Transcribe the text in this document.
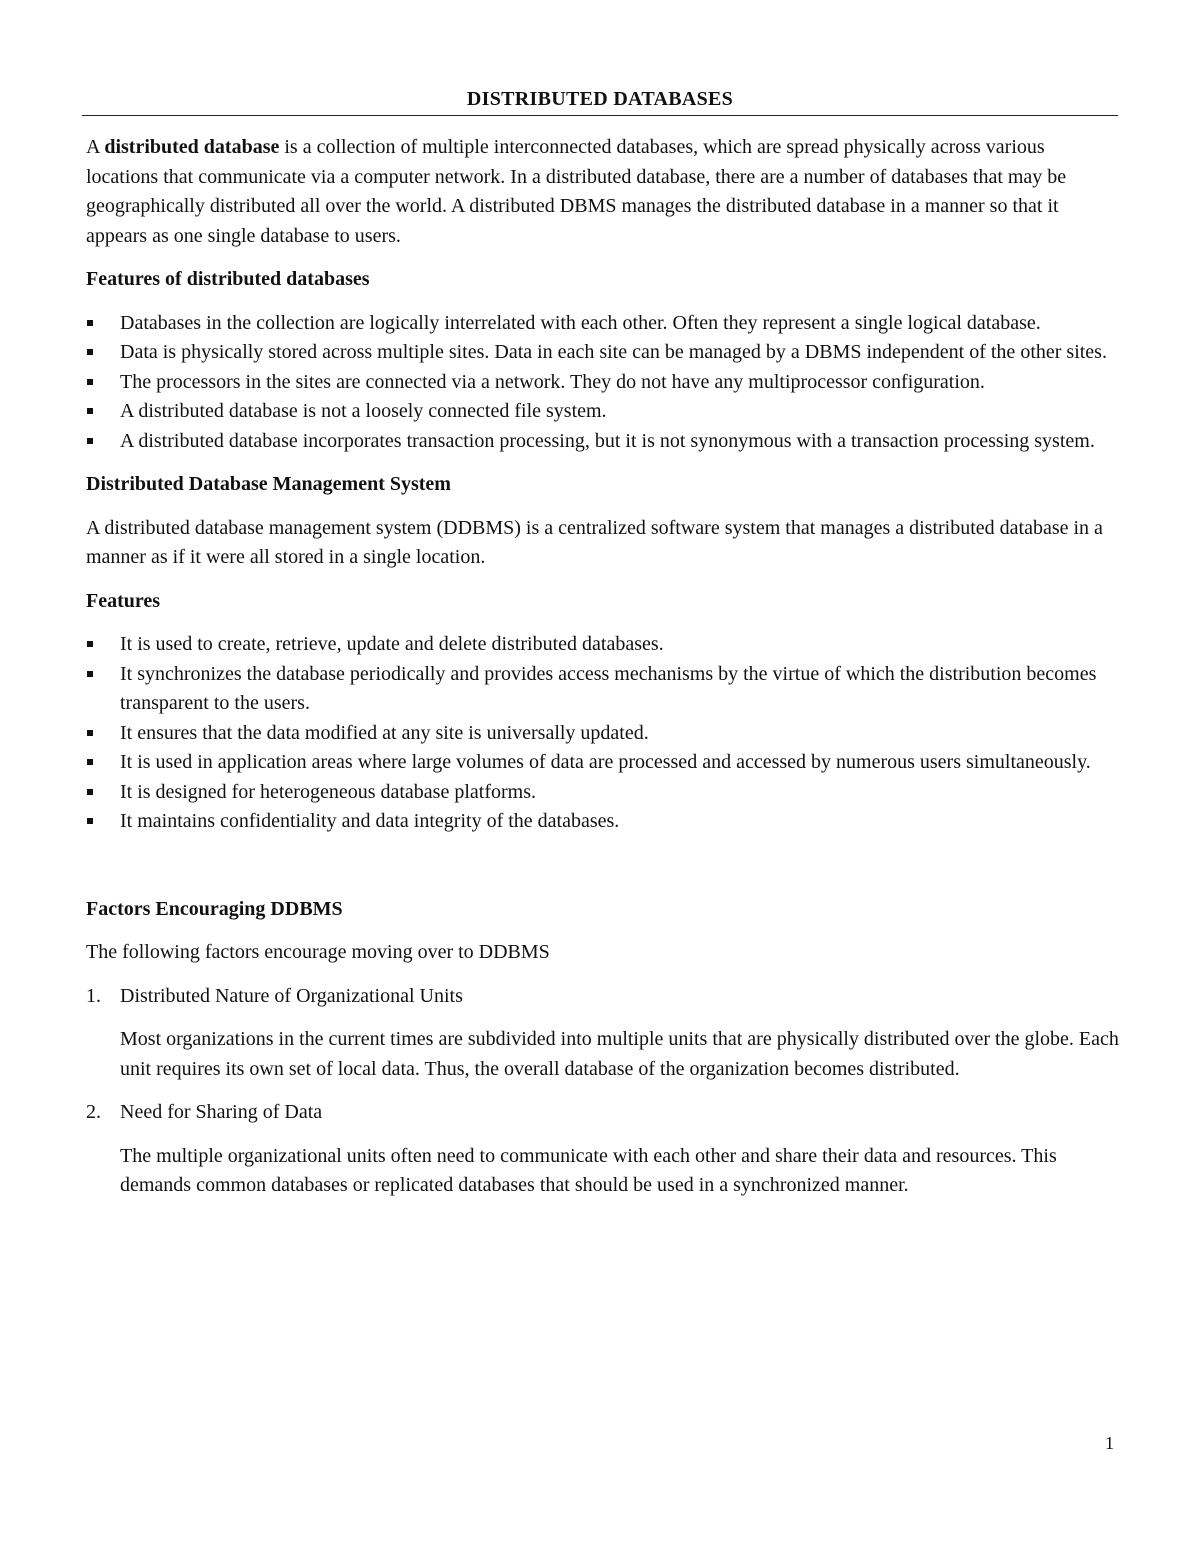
DISTRIBUTED DATABASES

A distributed database is a collection of multiple interconnected databases, which are spread physically across various locations that communicate via a computer network. In a distributed database, there are a number of databases that may be geographically distributed all over the world. A distributed DBMS manages the distributed database in a manner so that it appears as one single database to users.

Features of distributed databases
Databases in the collection are logically interrelated with each other. Often they represent a single logical database.
Data is physically stored across multiple sites. Data in each site can be managed by a DBMS independent of the other sites.
The processors in the sites are connected via a network. They do not have any multiprocessor configuration.
A distributed database is not a loosely connected file system.
A distributed database incorporates transaction processing, but it is not synonymous with a transaction processing system.
Distributed Database Management System

A distributed database management system (DDBMS) is a centralized software system that manages a distributed database in a manner as if it were all stored in a single location.

Features
It is used to create, retrieve, update and delete distributed databases.
It synchronizes the database periodically and provides access mechanisms by the virtue of which the distribution becomes transparent to the users.
It ensures that the data modified at any site is universally updated.
It is used in application areas where large volumes of data are processed and accessed by numerous users simultaneously.
It is designed for heterogeneous database platforms.
It maintains confidentiality and data integrity of the databases.
Factors Encouraging DDBMS

The following factors encourage moving over to DDBMS

1. Distributed Nature of Organizational Units

Most organizations in the current times are subdivided into multiple units that are physically distributed over the globe. Each unit requires its own set of local data. Thus, the overall database of the organization becomes distributed.

2. Need for Sharing of Data

The multiple organizational units often need to communicate with each other and share their data and resources. This demands common databases or replicated databases that should be used in a synchronized manner.

1
